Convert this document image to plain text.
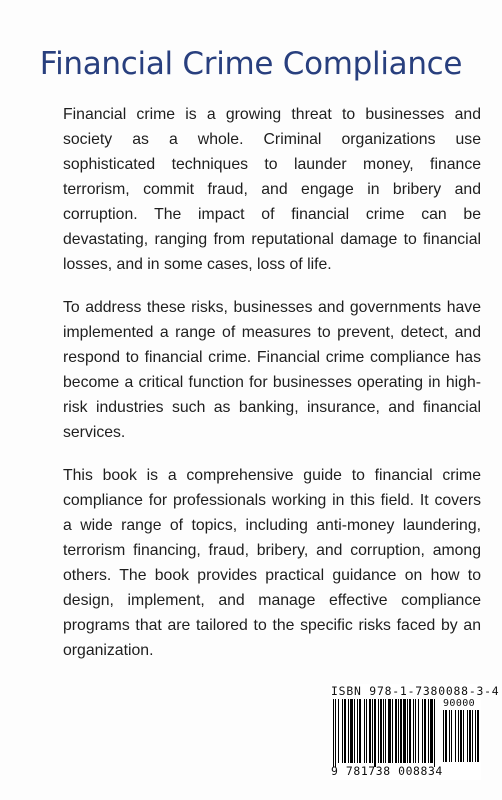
Financial Crime Compliance

Financial crime is a growing threat to businesses and society as a whole. Criminal organizations use sophisticated techniques to launder money, finance terrorism, commit fraud, and engage in bribery and corruption. The impact of financial crime can be devastating, ranging from reputational damage to financial losses, and in some cases, loss of life.

To address these risks, businesses and governments have implemented a range of measures to prevent, detect, and respond to financial crime. Financial crime compliance has become a critical function for businesses operating in high-risk industries such as banking, insurance, and financial services.

This book is a comprehensive guide to financial crime compliance for professionals working in this field. It covers a wide range of topics, including anti-money laundering, terrorism financing, fraud, bribery, and corruption, among others. The book provides practical guidance on how to design, implement, and manage effective compliance programs that are tailored to the specific risks faced by an organization.

ISBN 978-1-7380088-3-4
90000
9 781738 008834
